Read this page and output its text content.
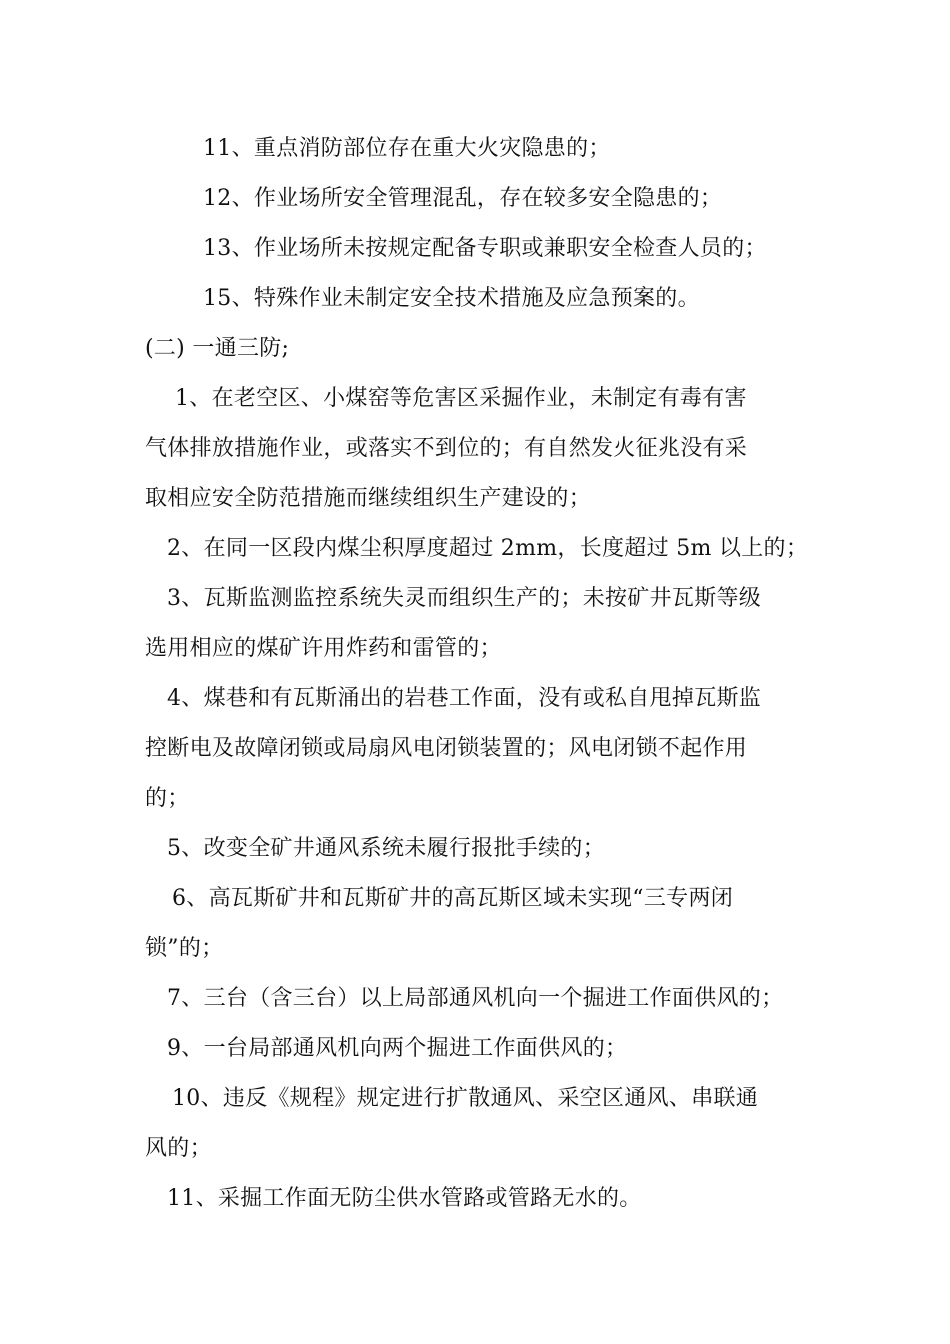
11、重点消防部位存在重大火灾隐患的；
12、作业场所安全管理混乱，存在较多安全隐患的；
13、作业场所未按规定配备专职或兼职安全检查人员的；
15、特殊作业未制定安全技术措施及应急预案的。
(二) 一通三防;
1、在老空区、小煤窑等危害区采掘作业，未制定有毒有害
气体排放措施作业，或落实不到位的；有自然发火征兆没有采
取相应安全防范措施而继续组织生产建设的；
2、在同一区段内煤尘积厚度超过 2mm，长度超过 5m 以上的；
3、瓦斯监测监控系统失灵而组织生产的；未按矿井瓦斯等级
选用相应的煤矿许用炸药和雷管的；
4、煤巷和有瓦斯涌出的岩巷工作面，没有或私自甩掉瓦斯监
控断电及故障闭锁或局扇风电闭锁装置的；风电闭锁不起作用
的；
5、改变全矿井通风系统未履行报批手续的；
6、高瓦斯矿井和瓦斯矿井的高瓦斯区域未实现“三专两闭
锁”的；
7、三台（含三台）以上局部通风机向一个掘进工作面供风的；
9、一台局部通风机向两个掘进工作面供风的；
10、违反《规程》规定进行扩散通风、采空区通风、串联通
风的；
11、采掘工作面无防尘供水管路或管路无水的。
